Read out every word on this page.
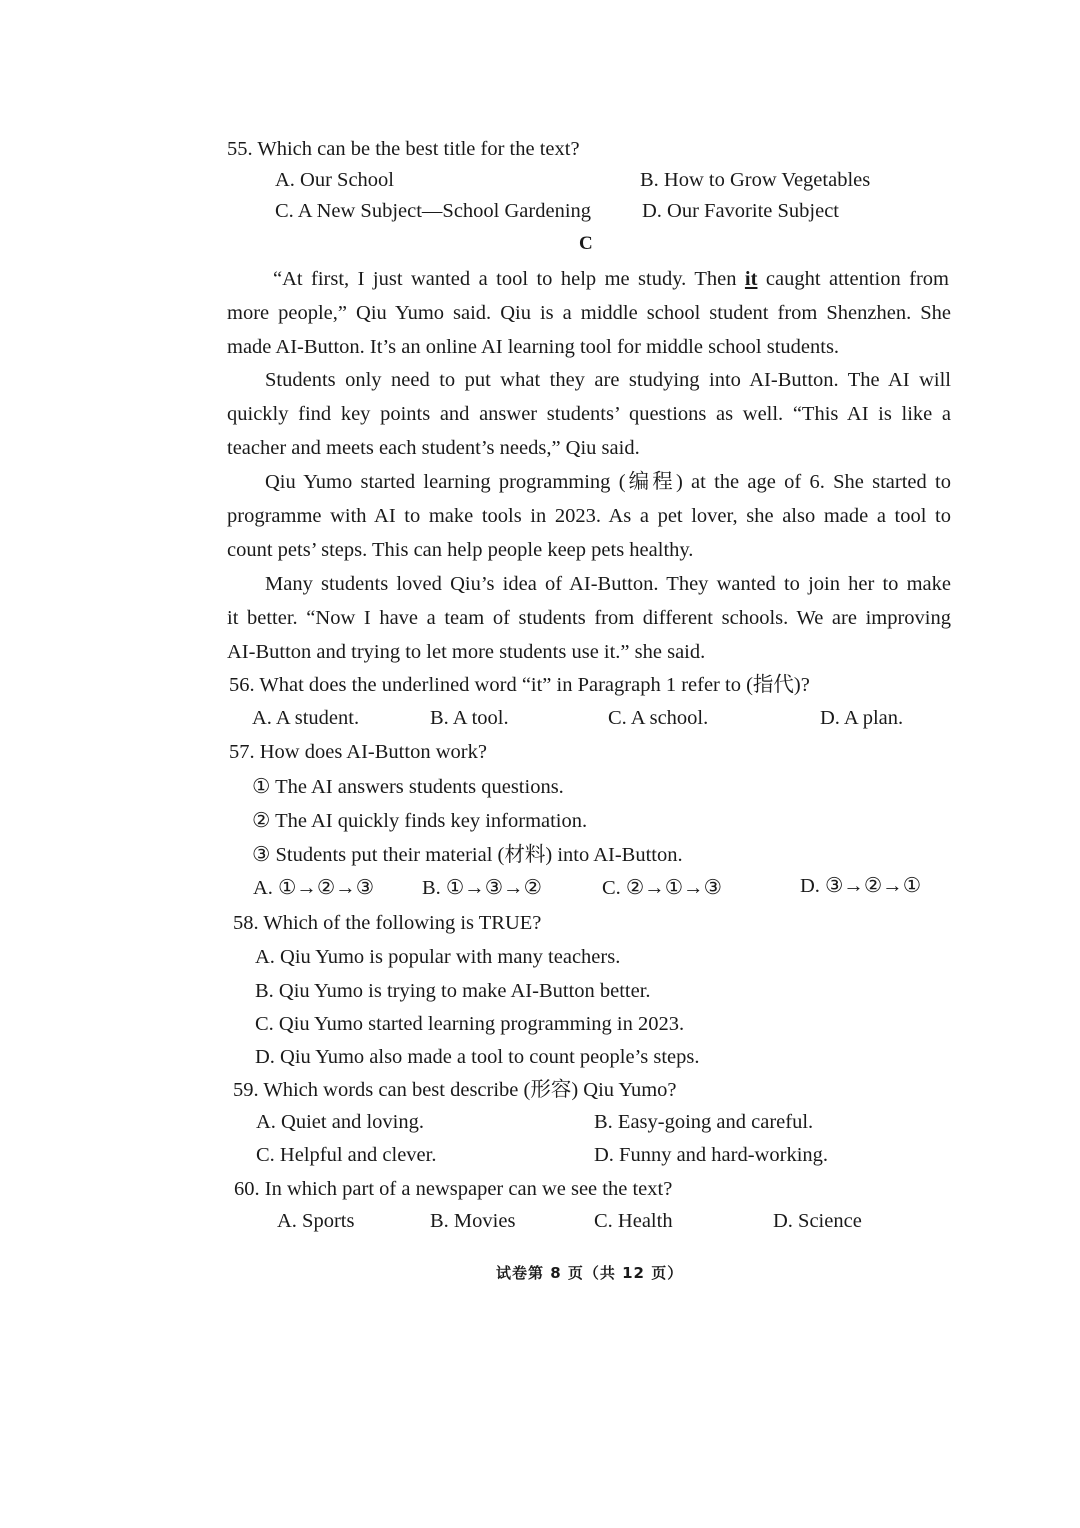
55. Which can be the best title for the text?
A. Our School	B. How to Grow Vegetables
C. A New Subject—School Gardening D. Our Favorite Subject
C
“At first, I just wanted a tool to help me study. Then it caught attention from
more people,” Qiu Yumo said. Qiu is a middle school student from Shenzhen. She
made AI-Button. It’s an online AI learning tool for middle school students.
Students only need to put what they are studying into AI-Button. The AI will
quickly find key points and answer students’ questions as well. “This AI is like a
teacher and meets each student’s needs,” Qiu said.
Qiu Yumo started learning programming (编程) at the age of 6. She started to
programme with AI to make tools in 2023. As a pet lover, she also made a tool to
count pets’ steps. This can help people keep pets healthy.
Many students loved Qiu’s idea of AI-Button. They wanted to join her to make
it better. “Now I have a team of students from different schools. We are improving
AI-Button and trying to let more students use it.” she said.
56. What does the underlined word “it” in Paragraph 1 refer to (指代)?
A. A student.	B. A tool.	C. A school.	D. A plan.
57. How does AI-Button work?
① The AI answers students questions.
② The AI quickly finds key information.
③ Students put their material (材料) into AI-Button.
A. ①→②→③ B. ①→③→②	C. ②→①→③	D. ③→②→①
58. Which of the following is TRUE?
A. Qiu Yumo is popular with many teachers.
B. Qiu Yumo is trying to make AI-Button better.
C. Qiu Yumo started learning programming in 2023.
D. Qiu Yumo also made a tool to count people’s steps.
59. Which words can best describe (形容) Qiu Yumo?
A. Quiet and loving.	B. Easy-going and careful.
C. Helpful and clever.	D. Funny and hard-working.
60. In which part of a newspaper can we see the text?
A. Sports	B. Movies	C. Health	D. Science
试卷第 8 页（共 12 页）
